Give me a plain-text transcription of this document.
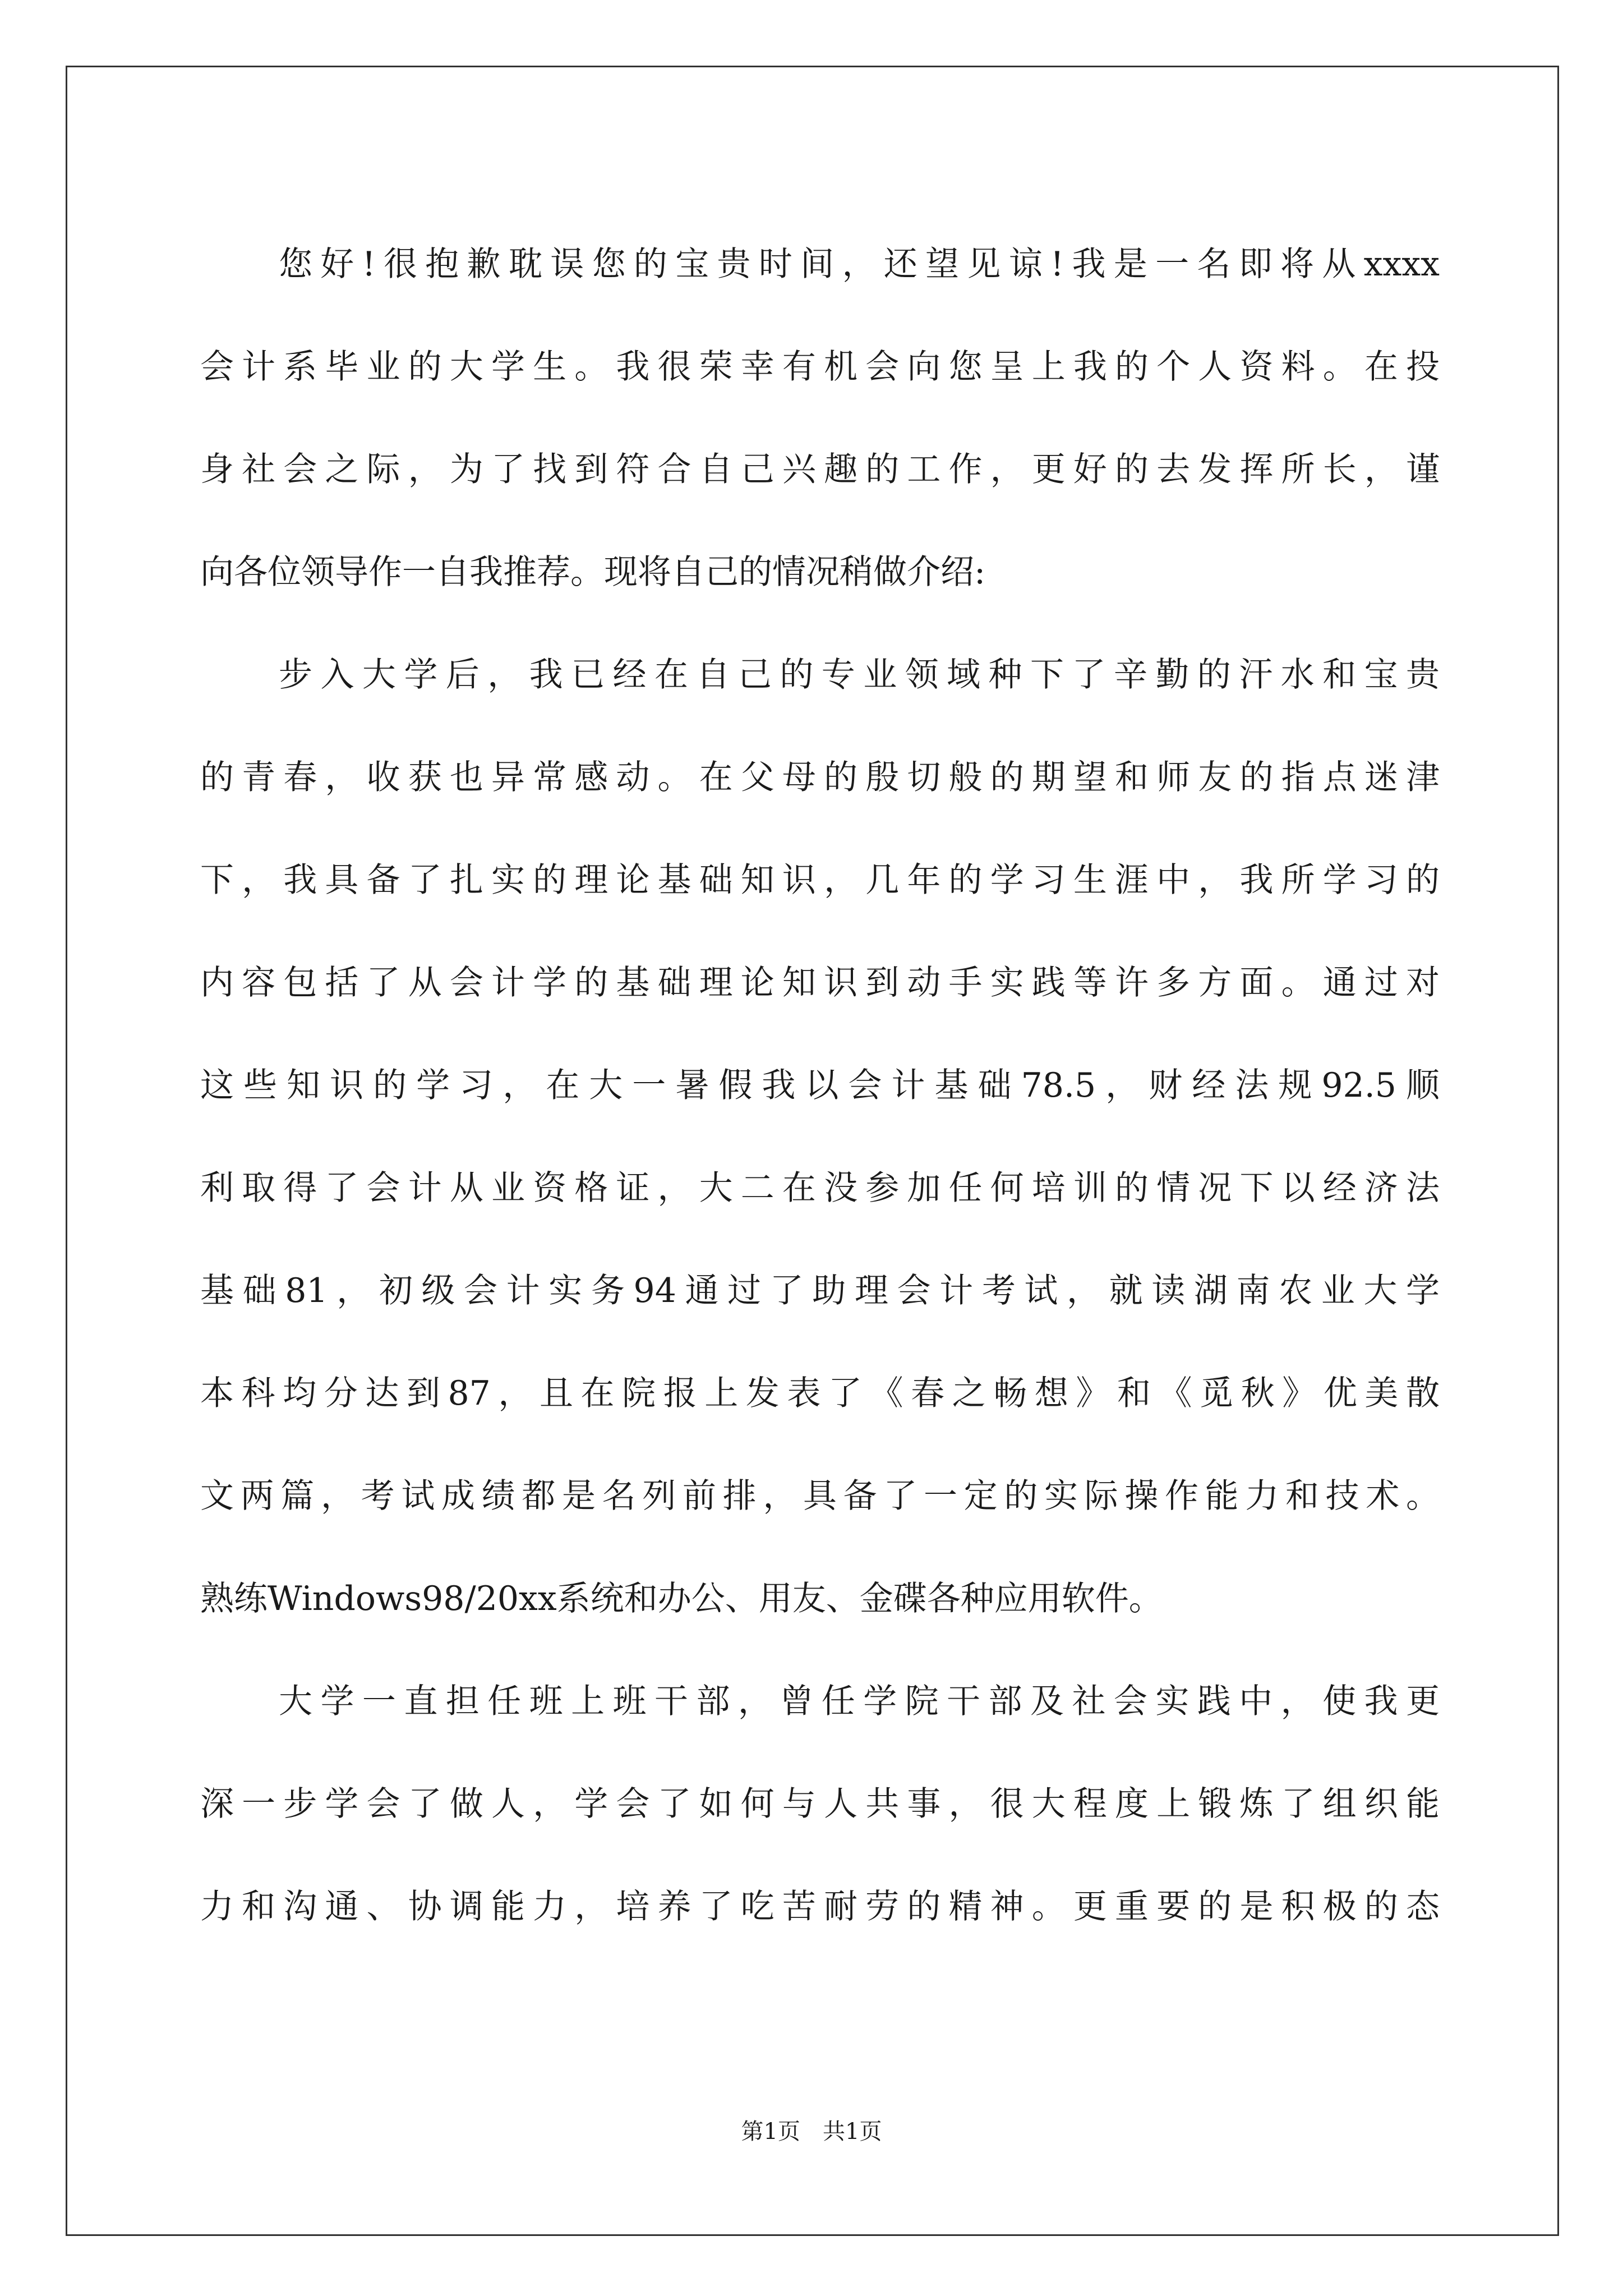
您好!很抱歉耽误您的宝贵时间，还望见谅!我是一名即将从xxxx
会计系毕业的大学生。我很荣幸有机会向您呈上我的个人资料。在投
身社会之际，为了找到符合自己兴趣的工作，更好的去发挥所长，谨
向各位领导作一自我推荐。现将自己的情况稍做介绍:
步入大学后，我已经在自己的专业领域种下了辛勤的汗水和宝贵
的青春，收获也异常感动。在父母的殷切般的期望和师友的指点迷津
下，我具备了扎实的理论基础知识，几年的学习生涯中，我所学习的
内容包括了从会计学的基础理论知识到动手实践等许多方面。通过对
这些知识的学习，在大一暑假我以会计基础78.5，财经法规92.5顺
利取得了会计从业资格证，大二在没参加任何培训的情况下以经济法
基础81，初级会计实务94通过了助理会计考试，就读湖南农业大学
本科均分达到87，且在院报上发表了《春之畅想》和《觅秋》优美散
文两篇，考试成绩都是名列前排，具备了一定的实际操作能力和技术。
熟练Windows98/20xx系统和办公、用友、金碟各种应用软件。
大学一直担任班上班干部，曾任学院干部及社会实践中，使我更
深一步学会了做人，学会了如何与人共事，很大程度上锻炼了组织能
力和沟通、协调能力，培养了吃苦耐劳的精神。更重要的是积极的态
第1页 共1页
